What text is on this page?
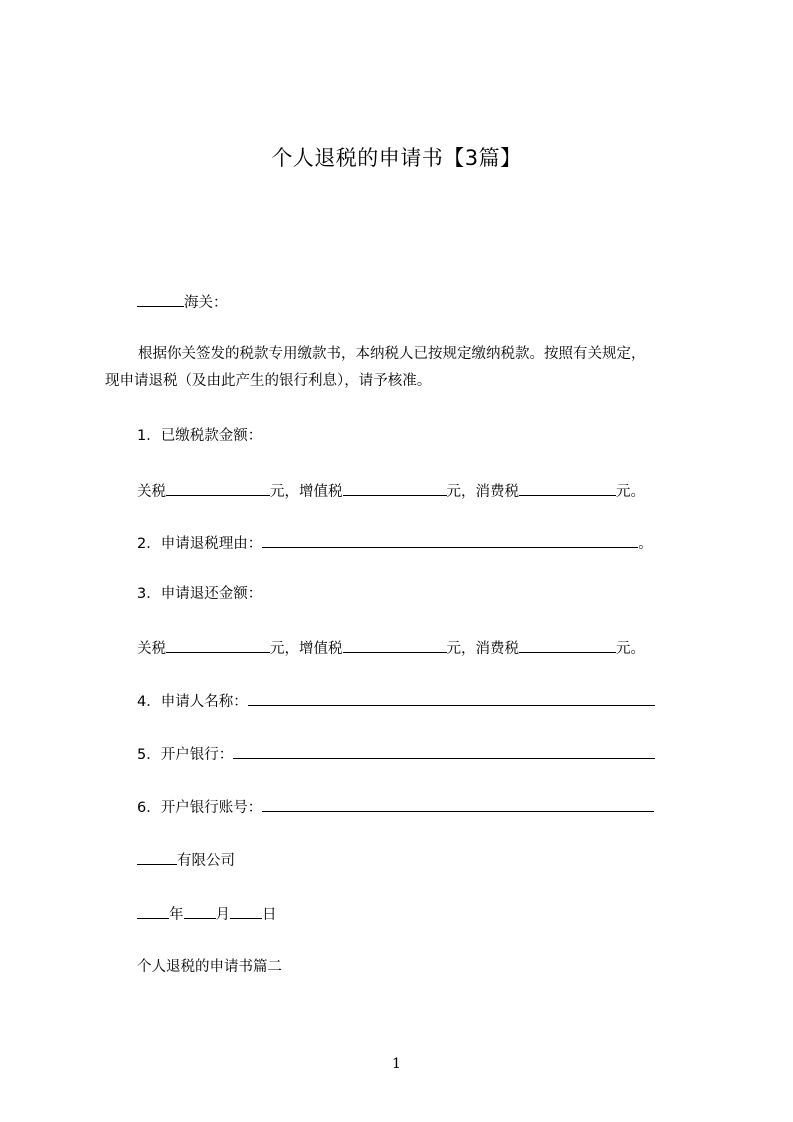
个人退税的申请书【3篇】
海关：
根据你关签发的税款专用缴款书，本纳税人已按规定缴纳税款。按照有关规定，
现申请退税（及由此产生的银行利息），请予核准。
1．已缴税款金额：
关税	元，增值税	元，消费税	元。
2．申请退税理由：	。
3．申请退还金额：
关税	元，增值税	元，消费税	元。
4．申请人名称：
5．开户银行：
6．开户银行账号：
有限公司
年 月 日
个人退税的申请书篇二
1
